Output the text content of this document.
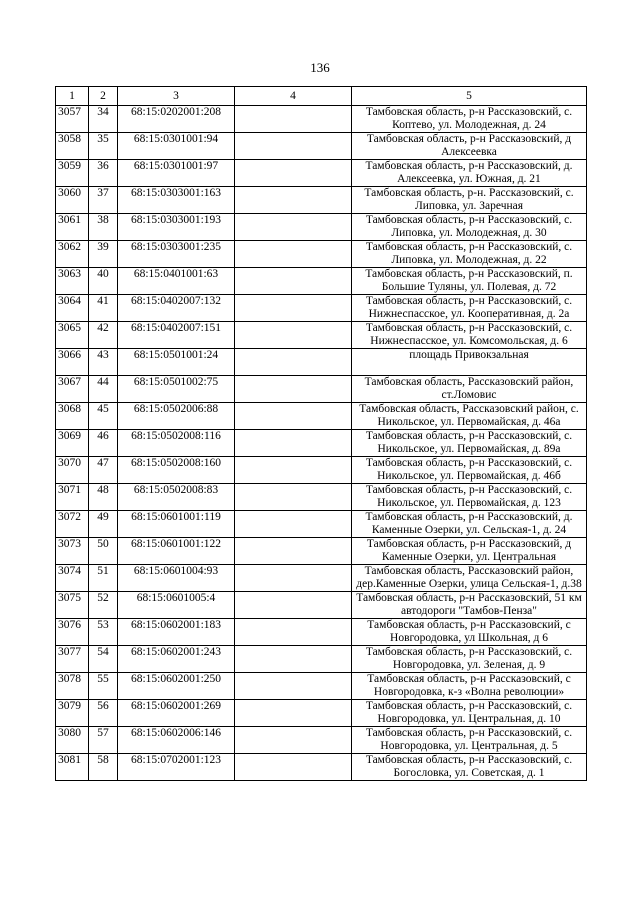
136
1	2	3	4	5
3057	34	68:15:0202001:208		Тамбовская область, р-н Рассказовский, с. Коптево, ул. Молодежная, д. 24
3058	35	68:15:0301001:94		Тамбовская область, р-н Рассказовский, д Алексеевка
3059	36	68:15:0301001:97		Тамбовская область, р-н Рассказовский, д. Алексеевка, ул. Южная, д. 21
3060	37	68:15:0303001:163		Тамбовская область, р-н. Рассказовский, с. Липовка, ул. Заречная
3061	38	68:15:0303001:193		Тамбовская область, р-н Рассказовский, с. Липовка, ул. Молодежная, д. 30
3062	39	68:15:0303001:235		Тамбовская область, р-н Рассказовский, с. Липовка, ул. Молодежная, д. 22
3063	40	68:15:0401001:63		Тамбовская область, р-н Рассказовский, п. Большие Туляны, ул. Полевая, д. 72
3064	41	68:15:0402007:132		Тамбовская область, р-н Рассказовский, с. Нижнеспасское, ул. Кооперативная, д. 2а
3065	42	68:15:0402007:151		Тамбовская область, р-н Рассказовский, с. Нижнеспасское, ул. Комсомольская, д. 6
3066	43	68:15:0501001:24		площадь Привокзальная
3067	44	68:15:0501002:75		Тамбовская область, Рассказовский район, ст.Ломовис
3068	45	68:15:0502006:88		Тамбовская область, Рассказовский район, с. Никольское, ул. Первомайская, д. 46а
3069	46	68:15:0502008:116		Тамбовская область, р-н Рассказовский, с. Никольское, ул. Первомайская, д. 89а
3070	47	68:15:0502008:160		Тамбовская область, р-н Рассказовский, с. Никольское, ул. Первомайская, д. 46б
3071	48	68:15:0502008:83		Тамбовская область, р-н Рассказовский, с. Никольское, ул. Первомайская, д. 123
3072	49	68:15:0601001:119		Тамбовская область, р-н Рассказовский, д. Каменные Озерки, ул. Сельская-1, д. 24
3073	50	68:15:0601001:122		Тамбовская область, р-н Рассказовский, д Каменные Озерки, ул. Центральная
3074	51	68:15:0601004:93		Тамбовская область, Рассказовский район, дер.Каменные Озерки, улица Сельская-1, д.38
3075	52	68:15:0601005:4		Тамбовская область, р-н Рассказовский, 51 км автодороги "Тамбов-Пенза"
3076	53	68:15:0602001:183		Тамбовская область, р-н Рассказовский, с Новгородовка, ул Школьная, д 6
3077	54	68:15:0602001:243		Тамбовская область, р-н Рассказовский, с. Новгородовка, ул. Зеленая, д. 9
3078	55	68:15:0602001:250		Тамбовская область, р-н Рассказовский, с Новгородовка, к-з «Волна революции»
3079	56	68:15:0602001:269		Тамбовская область, р-н Рассказовский, с. Новгородовка, ул. Центральная, д. 10
3080	57	68:15:0602006:146		Тамбовская область, р-н Рассказовский, с. Новгородовка, ул. Центральная, д. 5
3081	58	68:15:0702001:123		Тамбовская область, р-н Рассказовский, с. Богословка, ул. Советская, д. 1
